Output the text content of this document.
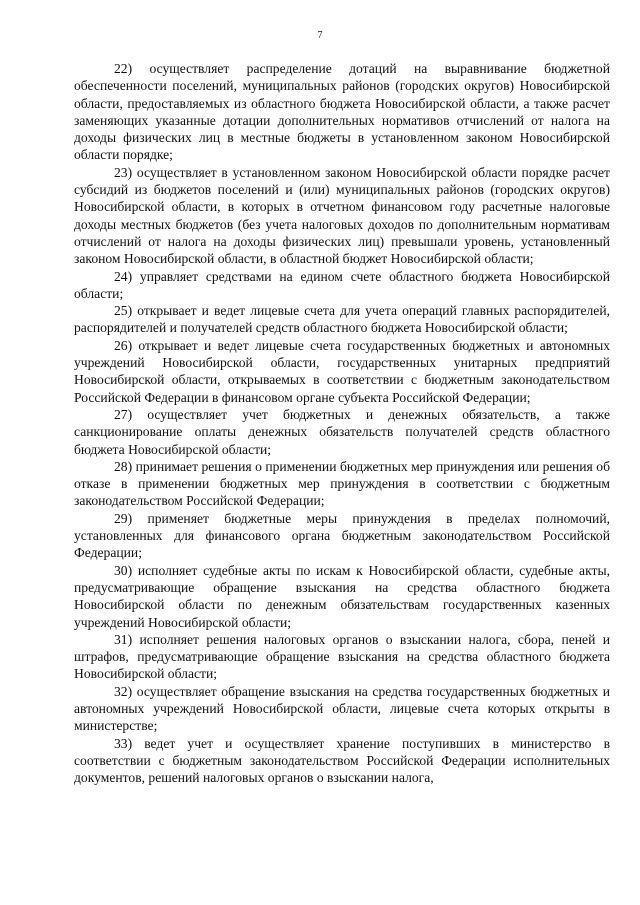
7

22) осуществляет распределение дотаций на выравнивание бюджетной обеспеченности поселений, муниципальных районов (городских округов) Новосибирской области, предоставляемых из областного бюджета Новосибирской области, а также расчет заменяющих указанные дотации дополнительных нормативов отчислений от налога на доходы физических лиц в местные бюджеты в установленном законом Новосибирской области порядке;

23) осуществляет в установленном законом Новосибирской области порядке расчет субсидий из бюджетов поселений и (или) муниципальных районов (городских округов) Новосибирской области, в которых в отчетном финансовом году расчетные налоговые доходы местных бюджетов (без учета налоговых доходов по дополнительным нормативам отчислений от налога на доходы физических лиц) превышали уровень, установленный законом Новосибирской области, в областной бюджет Новосибирской области;

24) управляет средствами на едином счете областного бюджета Новосибирской области;

25) открывает и ведет лицевые счета для учета операций главных распорядителей, распорядителей и получателей средств областного бюджета Новосибирской области;

26) открывает и ведет лицевые счета государственных бюджетных и автономных учреждений Новосибирской области, государственных унитарных предприятий Новосибирской области, открываемых в соответствии с бюджетным законодательством Российской Федерации в финансовом органе субъекта Российской Федерации;

27) осуществляет учет бюджетных и денежных обязательств, а также санкционирование оплаты денежных обязательств получателей средств областного бюджета Новосибирской области;

28) принимает решения о применении бюджетных мер принуждения или решения об отказе в применении бюджетных мер принуждения в соответствии с бюджетным законодательством Российской Федерации;

29) применяет бюджетные меры принуждения в пределах полномочий, установленных для финансового органа бюджетным законодательством Российской Федерации;

30) исполняет судебные акты по искам к Новосибирской области, судебные акты, предусматривающие обращение взыскания на средства областного бюджета Новосибирской области по денежным обязательствам государственных казенных учреждений Новосибирской области;

31) исполняет решения налоговых органов о взыскании налога, сбора, пеней и штрафов, предусматривающие обращение взыскания на средства областного бюджета Новосибирской области;

32) осуществляет обращение взыскания на средства государственных бюджетных и автономных учреждений Новосибирской области, лицевые счета которых открыты в министерстве;

33) ведет учет и осуществляет хранение поступивших в министерство в соответствии с бюджетным законодательством Российской Федерации исполнительных документов, решений налоговых органов о взыскании налога,
